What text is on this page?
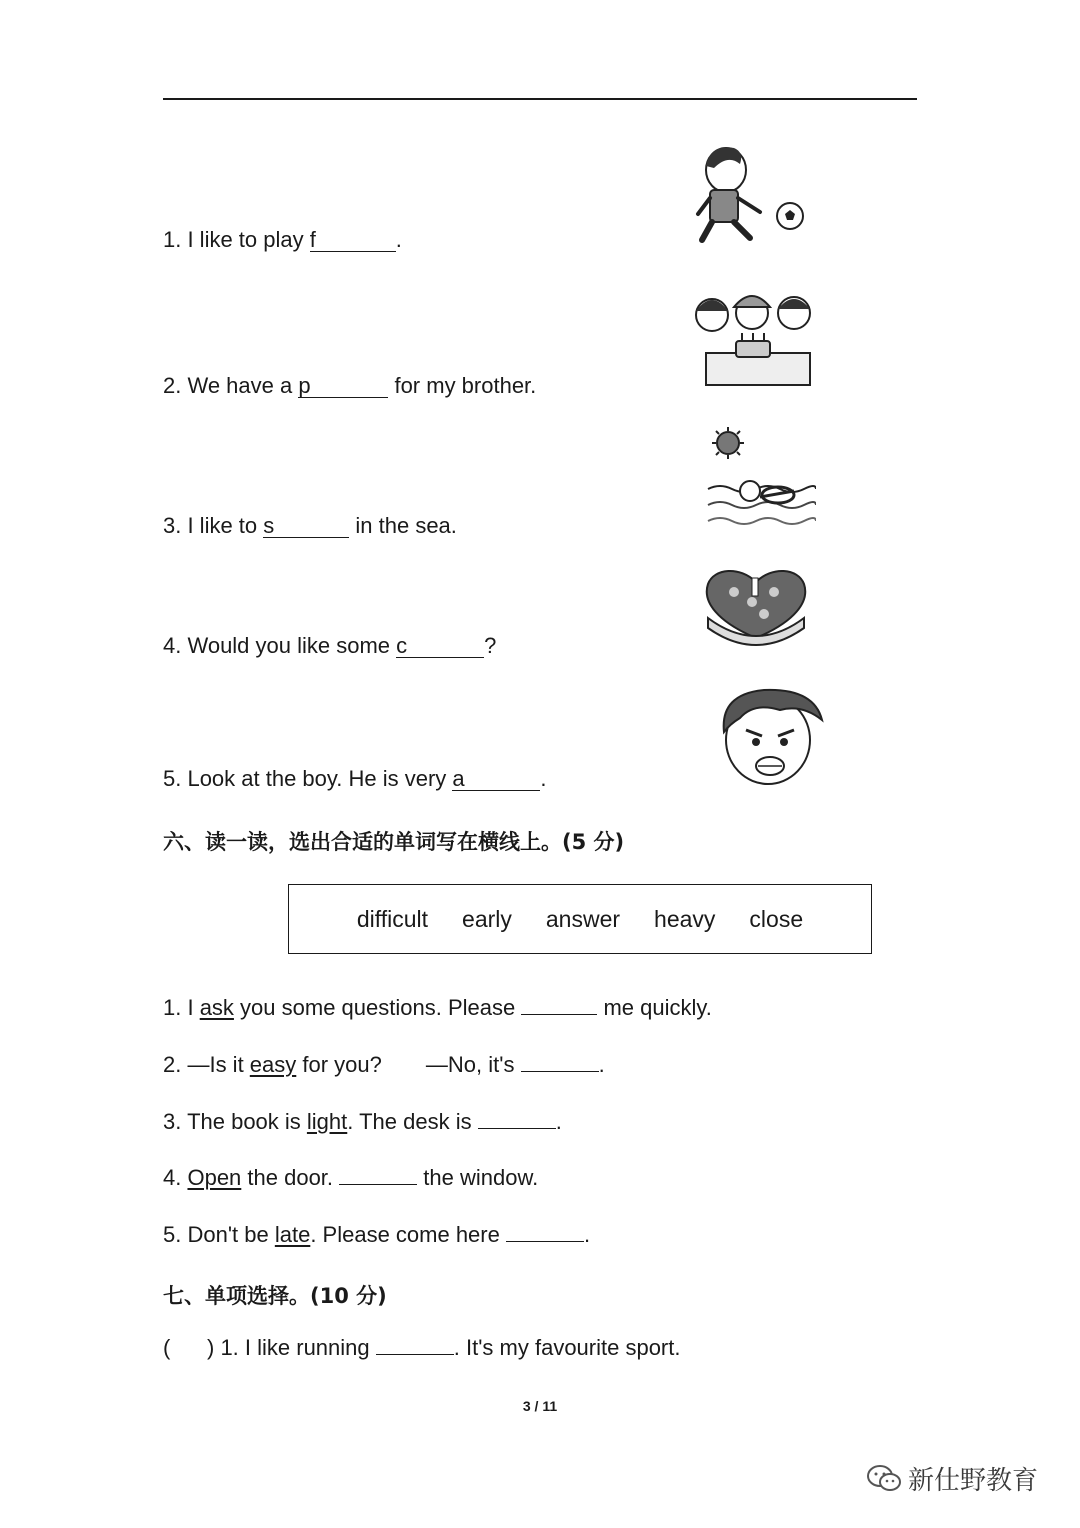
1. I like to play f	.
2. We have a p	for my brother.
3. I like to s	in the sea.
4. Would you like some c	?
5. Look at the boy. He is very a	.
六、读一读，选出合适的单词写在横线上。(5 分)
difficult early answer heavy close
1. I ask you some questions. Please	me quickly.
2. —Is it easy for you? —No, it's	.
3. The book is light. The desk is	.
4. Open the door.	the window.
5. Don't be late. Please come here	.
七、单项选择。(10 分)
(      ) 1. I like running	. It's my favourite sport.
3 / 11
新仕野教育
